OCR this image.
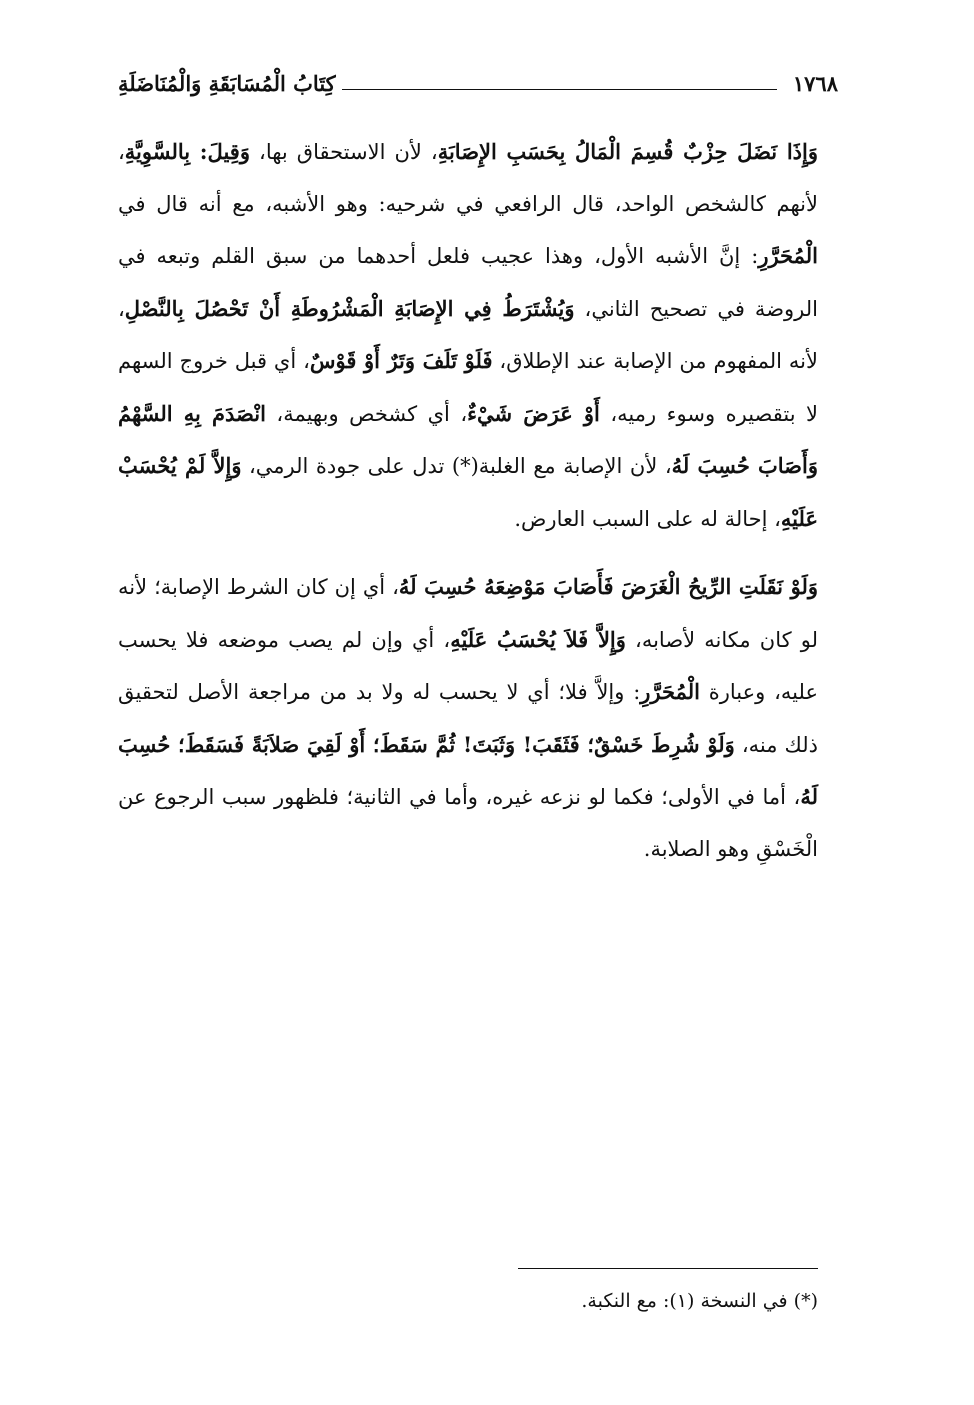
١٧٦٨
كِتَابُ الْمُسَابَقَةِ وَالْمُنَاضَلَةِ

وَإِذَا نَضَلَ حِزْبٌ قُسِمَ الْمَالُ بِحَسَبِ الإِصَابَةِ، لأن الاستحقاق بها، وَقِيلَ: بِالسَّوِيَّةِ، لأنهم كالشخص الواحد، قال الرافعي في شرحيه: وهو الأشبه، مع أنه قال في الْمُحَرَّرِ: إنَّ الأشبه الأول، وهذا عجيب فلعل أحدهما من سبق القلم وتبعه في الروضة في تصحيح الثاني، وَيُشْتَرَطُ فِي الإِصَابَةِ الْمَشْرُوطَةِ أَنْ تَحْصُلَ بِالنَّصْلِ، لأنه المفهوم من الإصابة عند الإطلاق، فَلَوْ تَلَفَ وَتَرٌ أَوْ قَوْسٌ، أي قبل خروج السهم لا بتقصيره وسوء رميه، أَوْ عَرَضَ شَيْءٌ، أي كشخص وبهيمة، انْصَدَمَ بِهِ السَّهْمُ وَأَصَابَ حُسِبَ لَهُ، لأن الإصابة مع الغلبة(*) تدل على جودة الرمي، وَإِلاَّ لَمْ يُحْسَبْ عَلَيْهِ، إحالة له على السبب العارض.

وَلَوْ نَقَلَتِ الرِّيحُ الْغَرَضَ فَأَصَابَ مَوْضِعَهُ حُسِبَ لَهُ، أي إن كان الشرط الإصابة؛ لأنه لو كان مكانه لأصابه، وَإِلاَّ فَلاَ يُحْسَبُ عَلَيْهِ، أي وإن لم يصب موضعه فلا يحسب عليه، وعبارة الْمُحَرَّرِ: وإلاَّ فلا؛ أي لا يحسب له ولا بد من مراجعة الأصل لتحقيق ذلك منه، وَلَوْ شُرِطَ خَسْقٌ؛ فَثَقَبَ! وَثَبَتَ! ثُمَّ سَقَطَ؛ أَوْ لَقِيَ صَلاَبَةً فَسَقَطَ؛ حُسِبَ لَهُ، أما في الأولى؛ فكما لو نزعه غيره، وأما في الثانية؛ فلظهور سبب الرجوع عن الْخَسْقِ وهو الصلابة.

(*) في النسخة (١): مع النكبة.
